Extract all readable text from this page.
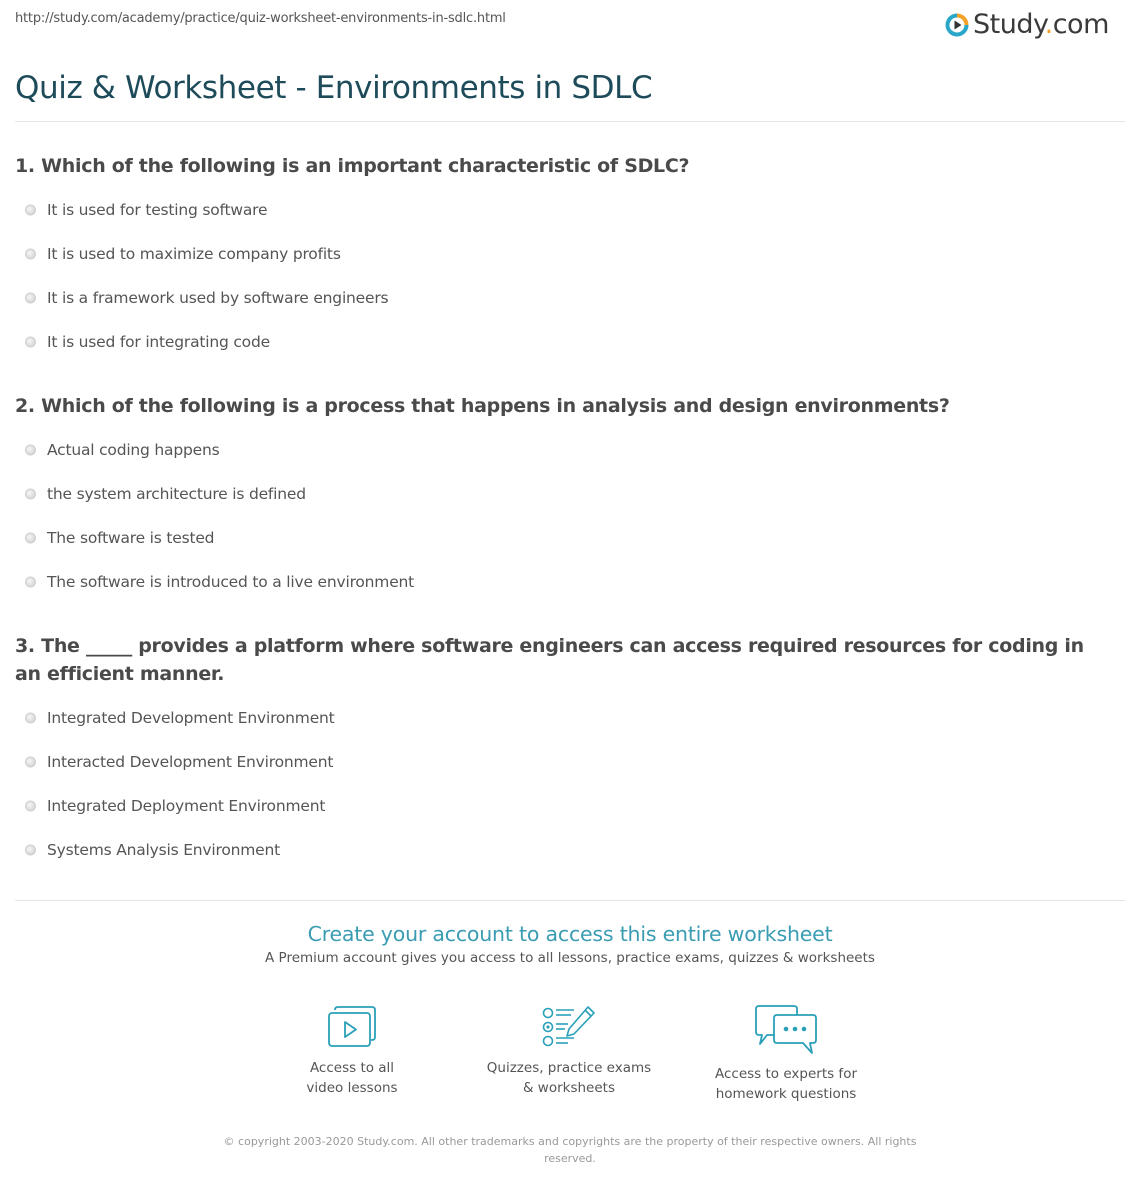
http://study.com/academy/practice/quiz-worksheet-environments-in-sdlc.html	Study.com
Quiz & Worksheet - Environments in SDLC
1. Which of the following is an important characteristic of SDLC?
It is used for testing software
It is used to maximize company profits
It is a framework used by software engineers
It is used for integrating code
2. Which of the following is a process that happens in analysis and design environments?
Actual coding happens
the system architecture is defined
The software is tested
The software is introduced to a live environment
3. The _____ provides a platform where software engineers can access required resources for coding in an efficient manner.
Integrated Development Environment
Interacted Development Environment
Integrated Deployment Environment
Systems Analysis Environment
Create your account to access this entire worksheet
A Premium account gives you access to all lessons, practice exams, quizzes & worksheets
Access to all
video lessons
Quizzes, practice exams
& worksheets
Access to experts for
homework questions
© copyright 2003-2020 Study.com. All other trademarks and copyrights are the property of their respective owners. All rights reserved.
